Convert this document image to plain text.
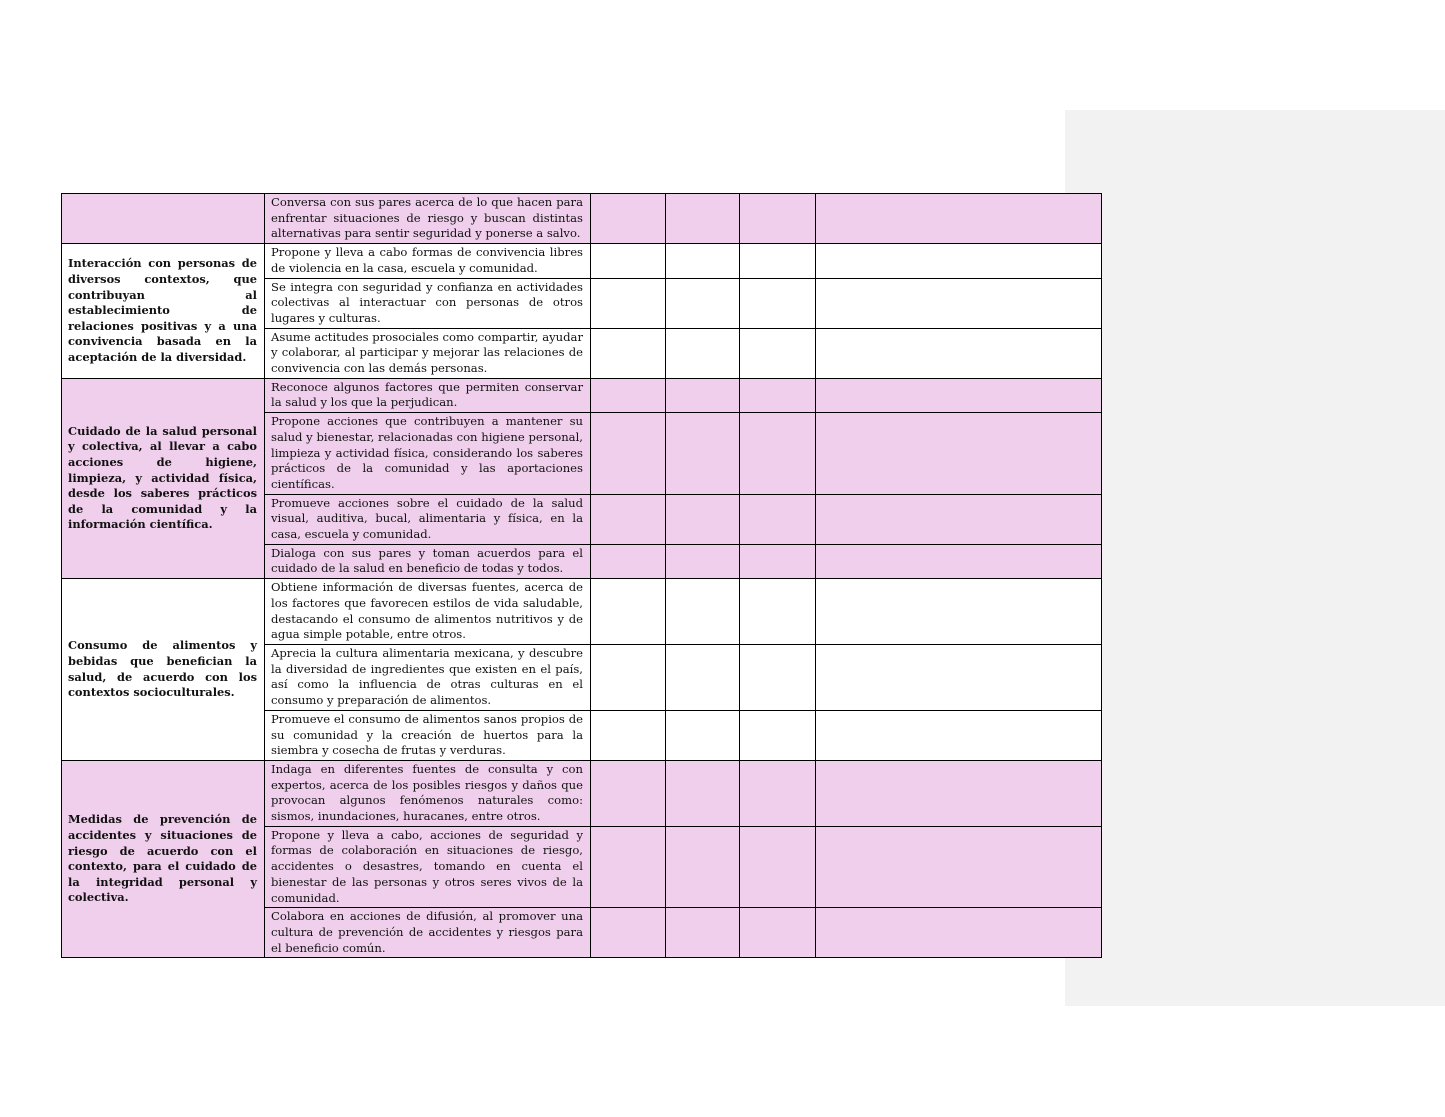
	Conversa con sus pares acerca de lo que hacen para enfrentar situaciones de riesgo y buscan distintas alternativas para sentir seguridad y ponerse a salvo.				
Interacción con personas de diversos contextos, que contribuyan al establecimiento de relaciones positivas y a una convivencia basada en la aceptación de la diversidad.	Propone y lleva a cabo formas de convivencia libres de violencia en la casa, escuela y comunidad.				
	Se integra con seguridad y confianza en actividades colectivas al interactuar con personas de otros lugares y culturas.				
	Asume actitudes prosociales como compartir, ayudar y colaborar, al participar y mejorar las relaciones de convivencia con las demás personas.				
Cuidado de la salud personal y colectiva, al llevar a cabo acciones de higiene, limpieza, y actividad física, desde los saberes prácticos de la comunidad y la información científica.	Reconoce algunos factores que permiten conservar la salud y los que la perjudican.				
	Propone acciones que contribuyen a mantener su salud y bienestar, relacionadas con higiene personal, limpieza y actividad física, considerando los saberes prácticos de la comunidad y las aportaciones científicas.				
	Promueve acciones sobre el cuidado de la salud visual, auditiva, bucal, alimentaria y física, en la casa, escuela y comunidad.				
	Dialoga con sus pares y toman acuerdos para el cuidado de la salud en beneficio de todas y todos.				
Consumo de alimentos y bebidas que benefician la salud, de acuerdo con los contextos socioculturales.	Obtiene información de diversas fuentes, acerca de los factores que favorecen estilos de vida saludable, destacando el consumo de alimentos nutritivos y de agua simple potable, entre otros.				
	Aprecia la cultura alimentaria mexicana, y descubre la diversidad de ingredientes que existen en el país, así como la influencia de otras culturas en el consumo y preparación de alimentos.				
	Promueve el consumo de alimentos sanos propios de su comunidad y la creación de huertos para la siembra y cosecha de frutas y verduras.				
Medidas de prevención de accidentes y situaciones de riesgo de acuerdo con el contexto, para el cuidado de la integridad personal y colectiva.	Indaga en diferentes fuentes de consulta y con expertos, acerca de los posibles riesgos y daños que provocan algunos fenómenos naturales como: sismos, inundaciones, huracanes, entre otros.				
	Propone y lleva a cabo, acciones de seguridad y formas de colaboración en situaciones de riesgo, accidentes o desastres, tomando en cuenta el bienestar de las personas y otros seres vivos de la comunidad.				
	Colabora en acciones de difusión, al promover una cultura de prevención de accidentes y riesgos para el beneficio común.				
